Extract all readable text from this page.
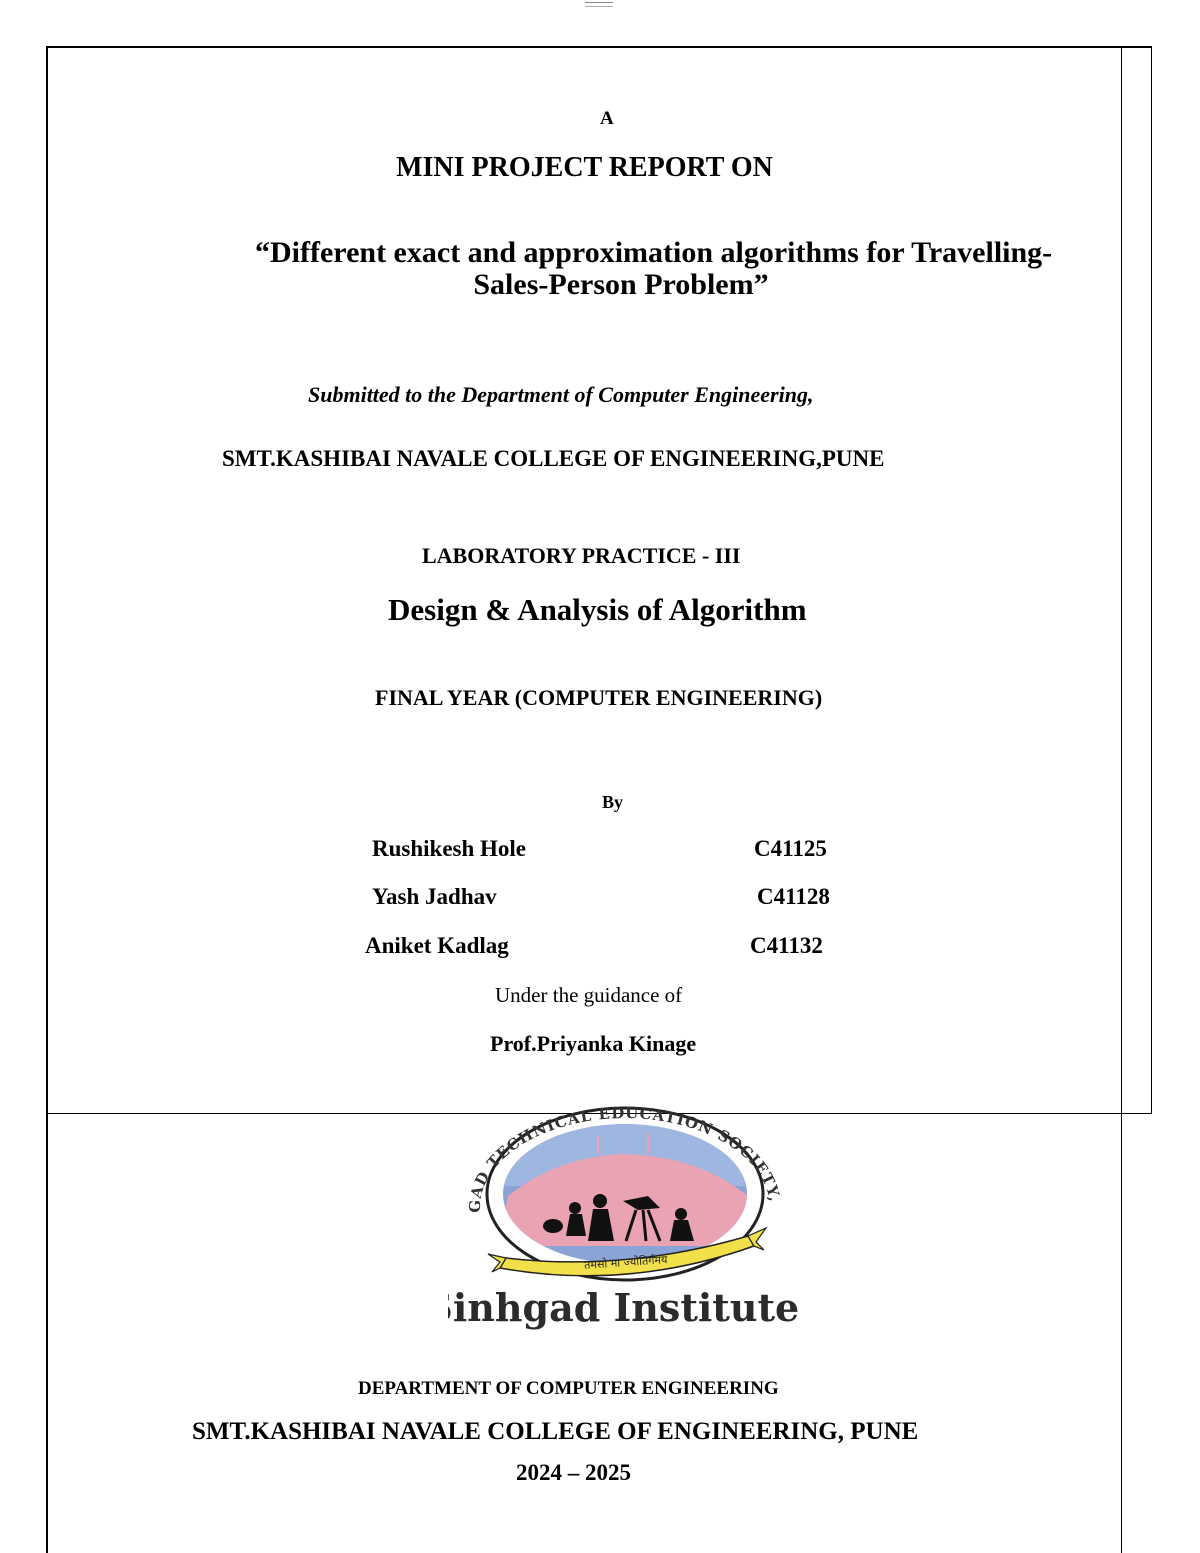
A
MINI PROJECT REPORT ON
“Different exact and approximation algorithms for Travelling-
Sales-Person Problem”
Submitted to the Department of Computer Engineering,
SMT.KASHIBAI NAVALE COLLEGE OF ENGINEERING,PUNE
LABORATORY PRACTICE - III
Design & Analysis of Algorithm
FINAL YEAR (COMPUTER ENGINEERING)
By
Rushikesh Hole	C41125
Yash Jadhav	C41128
Aniket Kadlag	C41132
Under the guidance of
Prof.Priyanka Kinage
GAD TECHNICAL EDUCATION SOCIETY,
तमसो मा ज्योतिर्गमय
inhgad Institute
DEPARTMENT OF COMPUTER ENGINEERING
SMT.KASHIBAI NAVALE COLLEGE OF ENGINEERING, PUNE
2024 – 2025
